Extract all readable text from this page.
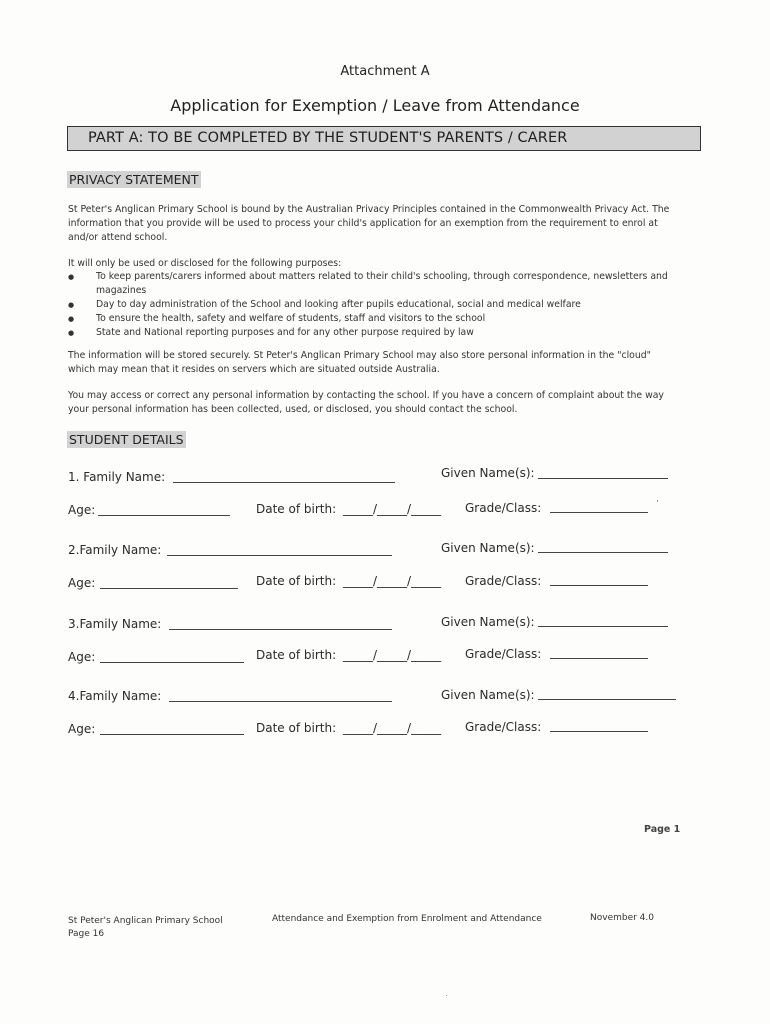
Attachment A
Application for Exemption / Leave from Attendance
PART A: TO BE COMPLETED BY THE STUDENT'S PARENTS / CARER
PRIVACY STATEMENT

St Peter's Anglican Primary School is bound by the Australian Privacy Principles contained in the Commonwealth Privacy Act. The information that you provide will be used to process your child's application for an exemption from the requirement to enrol at and/or attend school.

It will only be used or disclosed for the following purposes:

● To keep parents/carers informed about matters related to their child's schooling, through correspondence, newsletters and magazines
● Day to day administration of the School and looking after pupils educational, social and medical welfare
● To ensure the health, safety and welfare of students, staff and visitors to the school
● State and National reporting purposes and for any other purpose required by law

The information will be stored securely. St Peter's Anglican Primary School may also store personal information in the "cloud" which may mean that it resides on servers which are situated outside Australia.

You may access or correct any personal information by contacting the school. If you have a concern of complaint about the way your personal information has been collected, used, or disclosed, you should contact the school.

STUDENT DETAILS
1. Family Name:	Given Name(s):
Age:	Date of birth: _____/_____/_____ Grade/Class:
2.Family Name:	Given Name(s):
Age:	Date of birth: _____/_____/_____ Grade/Class:
3.Family Name:	Given Name(s):
Age:	Date of birth: _____/_____/_____ Grade/Class:
4.Family Name:	Given Name(s):
Age:	Date of birth: _____/_____/_____ Grade/Class:
Page 1
St Peter's Anglican Primary School
Page 16
Attendance and Exemption from Enrolment and Attendance	November 4.0
